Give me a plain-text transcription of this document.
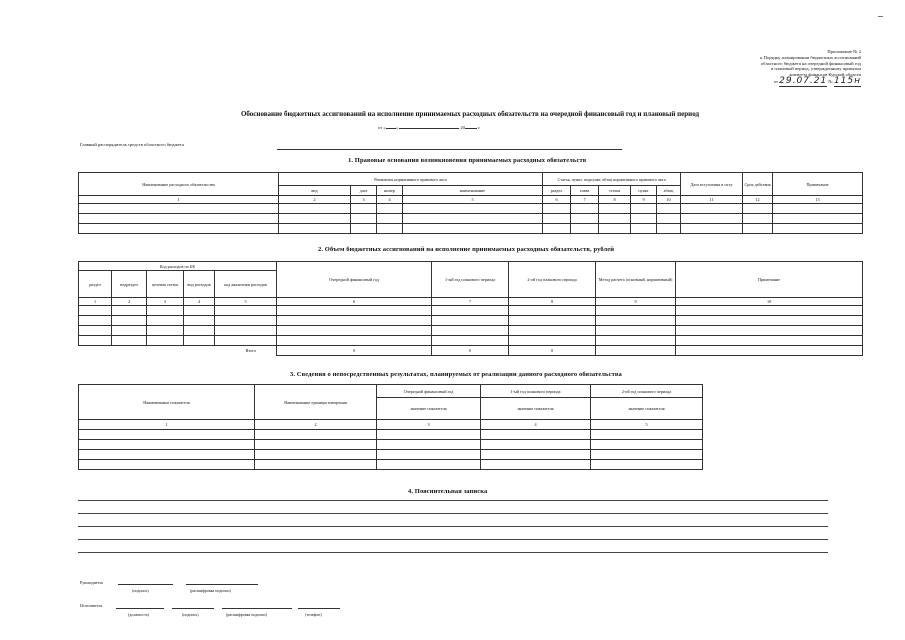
Приложение № 2
к Порядку планирования бюджетных ассигнований
областного бюджета на очередной финансовый год
и плановый период, утвержденному приказом
комитета финансов Курской области
от 29.07.21 № 115н
Обоснование бюджетных ассигнований на исполнение принимаемых расходных обязательств на очередной финансовый год и плановый период
от « »	20	г.
Главный распорядитель средств областного бюджета
1. Правовые основания возникновения принимаемых расходных обязательств
Наименование расходного обязательства	Реквизиты нормативного правового акта				Статья, пункт, подпункт, абзац нормативного правового акта					Дата вступления в силу	Срок действия	Примечание
	вид	дата	номер	наименование	раздел	глава	статья	пункт	абзац			
1	2	3	4	5	6	7	8	9	10	11	12	13

2. Объем бюджетных ассигнований на исполнение принимаемых расходных обязательств, рублей
Код расходов по БК					Очередной финансовый год	1-ый год планового периода	2-ой год планового периода	Метод расчета (основный, нормативный)	Примечание
раздел	подраздел	целевая статья	вид расходов	код аналитики расходов					
1	2	3	4	5	6	7	8	9	10

Итого					0	0	0		
3. Сведения о непосредственных результатах, планируемых от реализации данного расходного обязательства
Наименование показателя	Наименование единицы измерения	Очередной финансовый год	1-ый год планового периода	2-ой год планового периода
		значение показателя	значение показателя	значение показателя
1	2	3	4	5

4. Пояснительная записка
Руководитель
(подпись)	(расшифровка подписи)
Исполнитель
(должность)	(подпись)	(расшифровка подписи)	(телефон)
